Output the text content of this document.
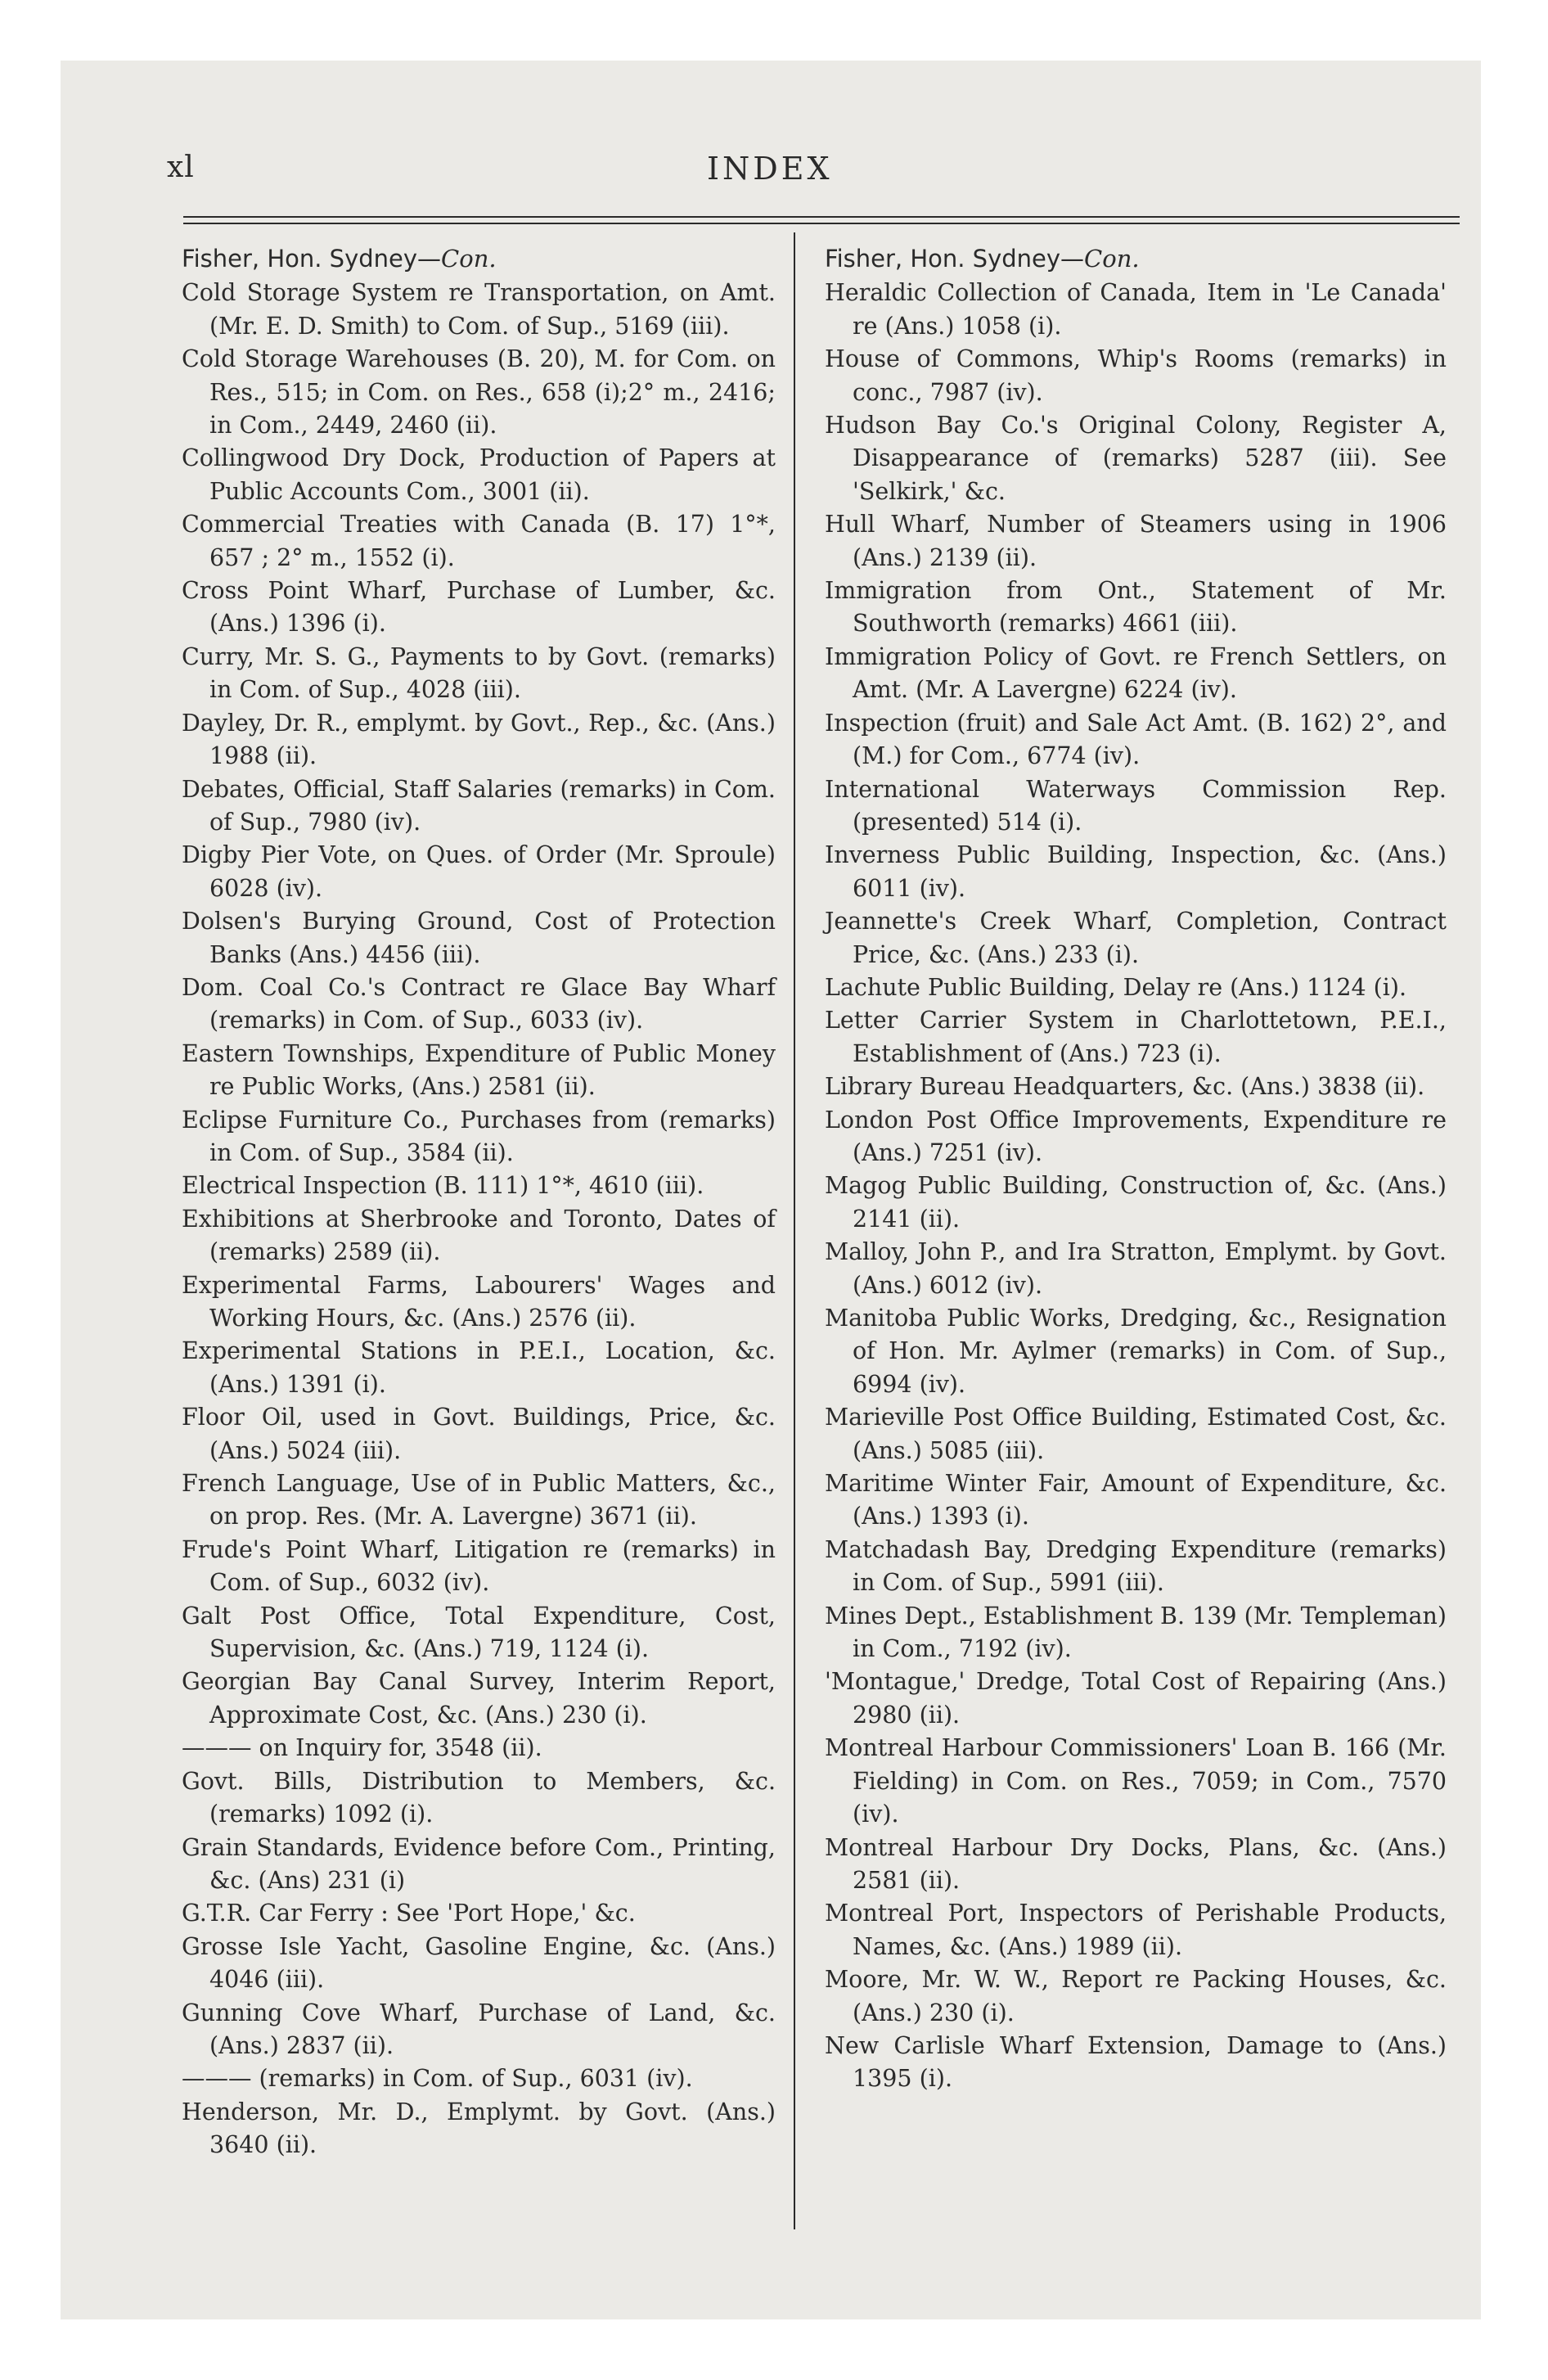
xl	INDEX
Fisher, Hon. Sydney—Con.

Cold Storage System re Transportation, on Amt. (Mr. E. D. Smith) to Com. of Sup., 5169 (iii).

Cold Storage Warehouses (B. 20), M. for Com. on Res., 515; in Com. on Res., 658 (i);2° m., 2416; in Com., 2449, 2460 (ii).

Collingwood Dry Dock, Production of Papers at Public Accounts Com., 3001 (ii).

Commercial Treaties with Canada (B. 17) 1°*, 657 ; 2° m., 1552 (i).

Cross Point Wharf, Purchase of Lumber, &c. (Ans.) 1396 (i).

Curry, Mr. S. G., Payments to by Govt. (remarks) in Com. of Sup., 4028 (iii).

Dayley, Dr. R., emplymt. by Govt., Rep., &c. (Ans.) 1988 (ii).

Debates, Official, Staff Salaries (remarks) in Com. of Sup., 7980 (iv).

Digby Pier Vote, on Ques. of Order (Mr. Sproule) 6028 (iv).

Dolsen's Burying Ground, Cost of Protection Banks (Ans.) 4456 (iii).

Dom. Coal Co.'s Contract re Glace Bay Wharf (remarks) in Com. of Sup., 6033 (iv).

Eastern Townships, Expenditure of Public Money re Public Works, (Ans.) 2581 (ii).

Eclipse Furniture Co., Purchases from (remarks) in Com. of Sup., 3584 (ii).

Electrical Inspection (B. 111) 1°*, 4610 (iii).

Exhibitions at Sherbrooke and Toronto, Dates of (remarks) 2589 (ii).

Experimental Farms, Labourers' Wages and Working Hours, &c. (Ans.) 2576 (ii).

Experimental Stations in P.E.I., Location, &c. (Ans.) 1391 (i).

Floor Oil, used in Govt. Buildings, Price, &c. (Ans.) 5024 (iii).

French Language, Use of in Public Matters, &c., on prop. Res. (Mr. A. Lavergne) 3671 (ii).

Frude's Point Wharf, Litigation re (remarks) in Com. of Sup., 6032 (iv).

Galt Post Office, Total Expenditure, Cost, Supervision, &c. (Ans.) 719, 1124 (i).

Georgian Bay Canal Survey, Interim Report, Approximate Cost, &c. (Ans.) 230 (i).

——— on Inquiry for, 3548 (ii).

Govt. Bills, Distribution to Members, &c. (remarks) 1092 (i).

Grain Standards, Evidence before Com., Printing, &c. (Ans) 231 (i)

G.T.R. Car Ferry : See 'Port Hope,' &c.

Grosse Isle Yacht, Gasoline Engine, &c. (Ans.) 4046 (iii).

Gunning Cove Wharf, Purchase of Land, &c. (Ans.) 2837 (ii).

——— (remarks) in Com. of Sup., 6031 (iv).

Henderson, Mr. D., Emplymt. by Govt. (Ans.) 3640 (ii).

Fisher, Hon. Sydney—Con.

Heraldic Collection of Canada, Item in 'Le Canada' re (Ans.) 1058 (i).

House of Commons, Whip's Rooms (remarks) in conc., 7987 (iv).

Hudson Bay Co.'s Original Colony, Register A, Disappearance of (remarks) 5287 (iii). See 'Selkirk,' &c.

Hull Wharf, Number of Steamers using in 1906 (Ans.) 2139 (ii).

Immigration from Ont., Statement of Mr. Southworth (remarks) 4661 (iii).

Immigration Policy of Govt. re French Settlers, on Amt. (Mr. A Lavergne) 6224 (iv).

Inspection (fruit) and Sale Act Amt. (B. 162) 2°, and (M.) for Com., 6774 (iv).

International Waterways Commission Rep. (presented) 514 (i).

Inverness Public Building, Inspection, &c. (Ans.) 6011 (iv).

Jeannette's Creek Wharf, Completion, Contract Price, &c. (Ans.) 233 (i).

Lachute Public Building, Delay re (Ans.) 1124 (i).

Letter Carrier System in Charlottetown, P.E.I., Establishment of (Ans.) 723 (i).

Library Bureau Headquarters, &c. (Ans.) 3838 (ii).

London Post Office Improvements, Expenditure re (Ans.) 7251 (iv).

Magog Public Building, Construction of, &c. (Ans.) 2141 (ii).

Malloy, John P., and Ira Stratton, Emplymt. by Govt. (Ans.) 6012 (iv).

Manitoba Public Works, Dredging, &c., Resignation of Hon. Mr. Aylmer (remarks) in Com. of Sup., 6994 (iv).

Marieville Post Office Building, Estimated Cost, &c. (Ans.) 5085 (iii).

Maritime Winter Fair, Amount of Expenditure, &c. (Ans.) 1393 (i).

Matchadash Bay, Dredging Expenditure (remarks) in Com. of Sup., 5991 (iii).

Mines Dept., Establishment B. 139 (Mr. Templeman) in Com., 7192 (iv).

'Montague,' Dredge, Total Cost of Repairing (Ans.) 2980 (ii).

Montreal Harbour Commissioners' Loan B. 166 (Mr. Fielding) in Com. on Res., 7059; in Com., 7570 (iv).

Montreal Harbour Dry Docks, Plans, &c. (Ans.) 2581 (ii).

Montreal Port, Inspectors of Perishable Products, Names, &c. (Ans.) 1989 (ii).

Moore, Mr. W. W., Report re Packing Houses, &c. (Ans.) 230 (i).

New Carlisle Wharf Extension, Damage to (Ans.) 1395 (i).
